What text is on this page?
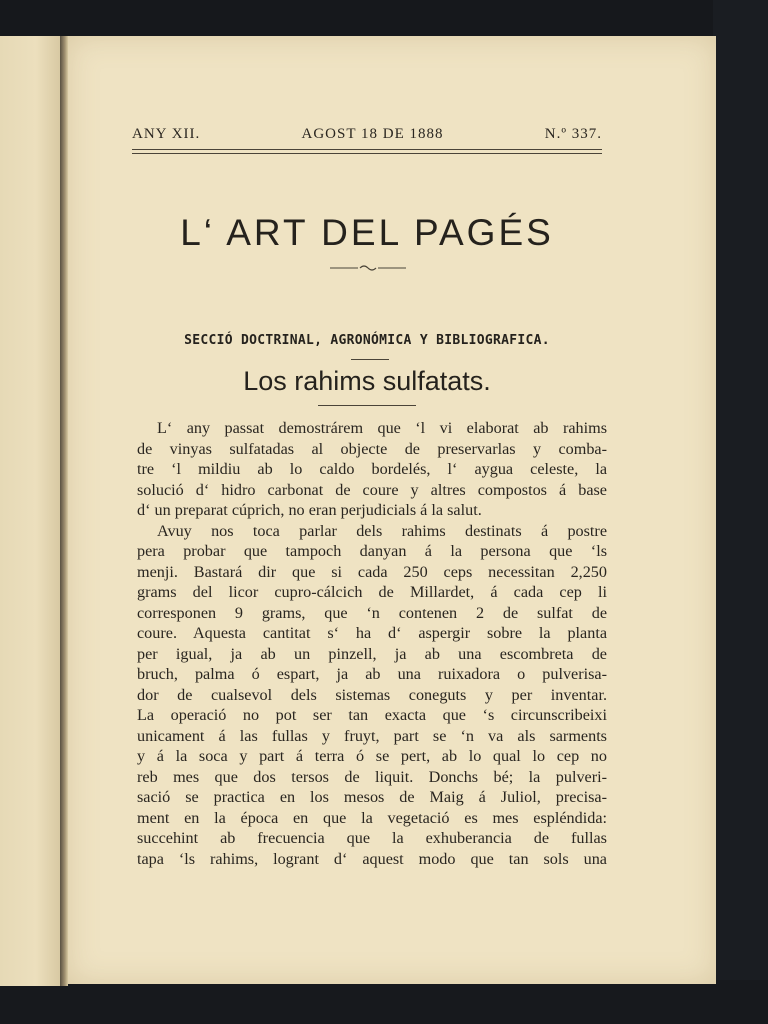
ANY XII.	AGOST 18 DE 1888	N.º 337.
L‘ ART DEL PAGÉS
SECCIÓ DOCTRINAL, AGRONÓMICA Y BIBLIOGRAFICA.
Los rahims sulfatats.
L‘ any passat demostrárem que ‘l vi elaborat ab rahims
de vinyas sulfatadas al objecte de preservarlas y comba-
tre ‘l mildiu ab lo caldo bordelés, l‘ aygua celeste, la
solució d‘ hidro carbonat de coure y altres compostos á base
d‘ un preparat cúprich, no eran perjudicials á la salut.
Avuy nos toca parlar dels rahims destinats á postre
pera probar que tampoch danyan á la persona que ‘ls
menji. Bastará dir que si cada 250 ceps necessitan 2,250
grams del licor cupro-cálcich de Millardet, á cada cep li
corresponen 9 grams, que ‘n contenen 2 de sulfat de
coure. Aquesta cantitat s‘ ha d‘ aspergir sobre la planta
per igual, ja ab un pinzell, ja ab una escombreta de
bruch, palma ó espart, ja ab una ruixadora o pulverisa-
dor de cualsevol dels sistemas coneguts y per inventar.
La operació no pot ser tan exacta que ‘s circunscribeixi
unicament á las fullas y fruyt, part se ‘n va als sarments
y á la soca y part á terra ó se pert, ab lo qual lo cep no
reb mes que dos tersos de liquit. Donchs bé; la pulveri-
sació se practica en los mesos de Maig á Juliol, precisa-
ment en la época en que la vegetació es mes espléndida:
succehint ab frecuencia que la exhuberancia de fullas
tapa ‘ls rahims, logrant d‘ aquest modo que tan sols una
